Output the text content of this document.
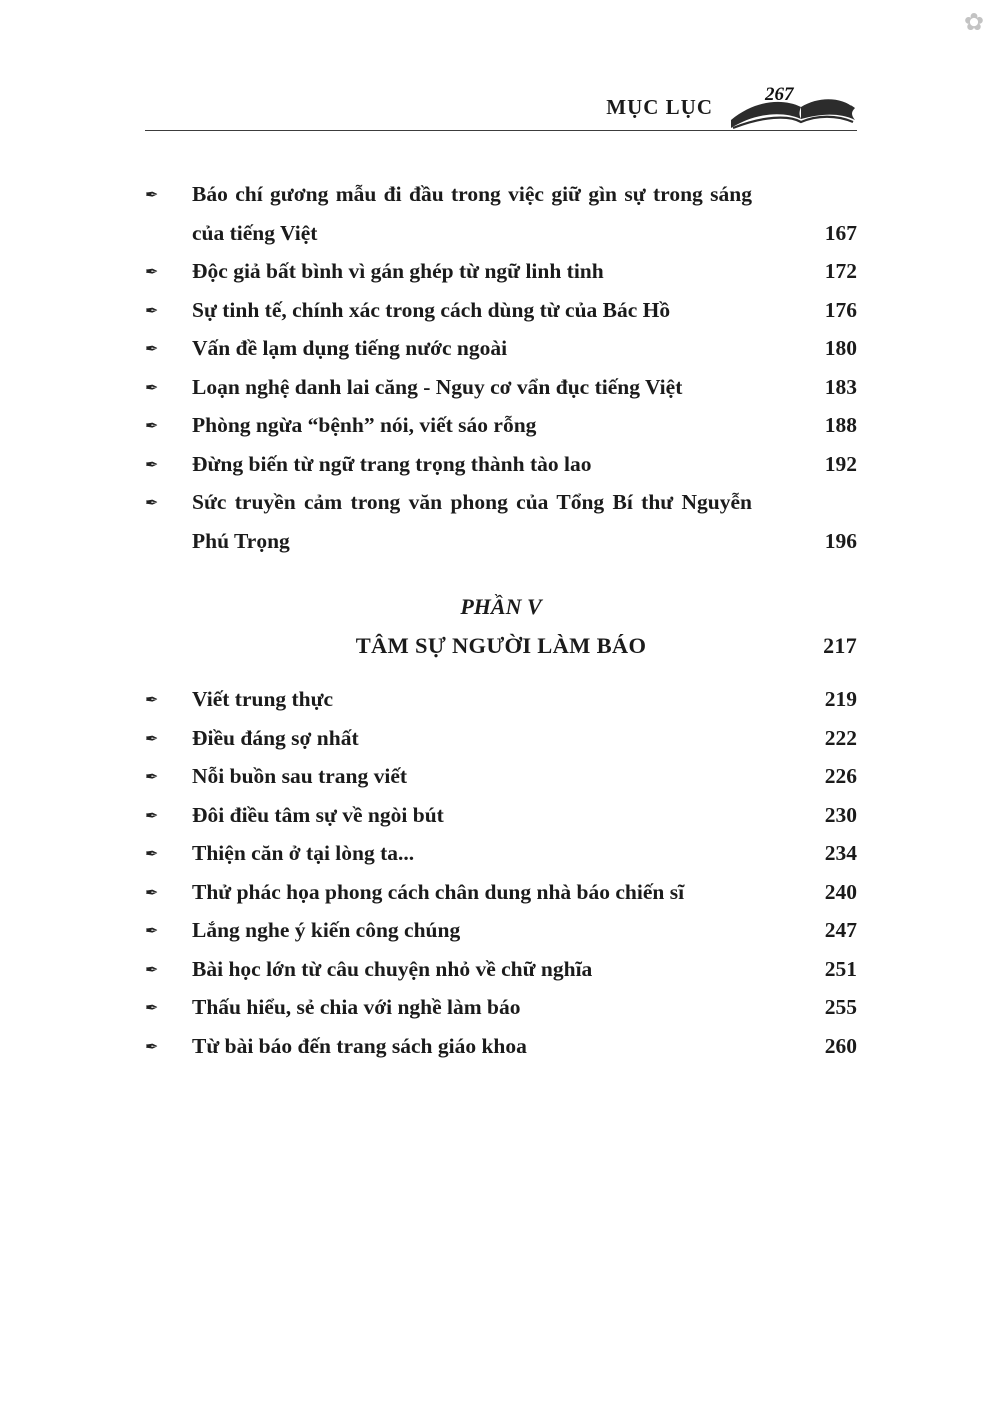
✿
MỤC LỤC
267
✒	Báo chí gương mẫu đi đầu trong việc giữ gìn sự trong sáng của tiếng Việt	167
✒	Độc giả bất bình vì gán ghép từ ngữ linh tinh	172
✒	Sự tinh tế, chính xác trong cách dùng từ của Bác Hồ	176
✒	Vấn đề lạm dụng tiếng nước ngoài	180
✒	Loạn nghệ danh lai căng - Nguy cơ vẩn đục tiếng Việt	183
✒	Phòng ngừa “bệnh” nói, viết sáo rỗng	188
✒	Đừng biến từ ngữ trang trọng thành tào lao	192
✒	Sức truyền cảm trong văn phong của Tổng Bí thư Nguyễn Phú Trọng	196
PHẦN V
TÂM SỰ NGƯỜI LÀM BÁO	217
✒	Viết trung thực	219
✒	Điều đáng sợ nhất	222
✒	Nỗi buồn sau trang viết	226
✒	Đôi điều tâm sự về ngòi bút	230
✒	Thiện căn ở tại lòng ta...	234
✒	Thử phác họa phong cách chân dung nhà báo chiến sĩ	240
✒	Lắng nghe ý kiến công chúng	247
✒	Bài học lớn từ câu chuyện nhỏ về chữ nghĩa	251
✒	Thấu hiểu, sẻ chia với nghề làm báo	255
✒	Từ bài báo đến trang sách giáo khoa	260
